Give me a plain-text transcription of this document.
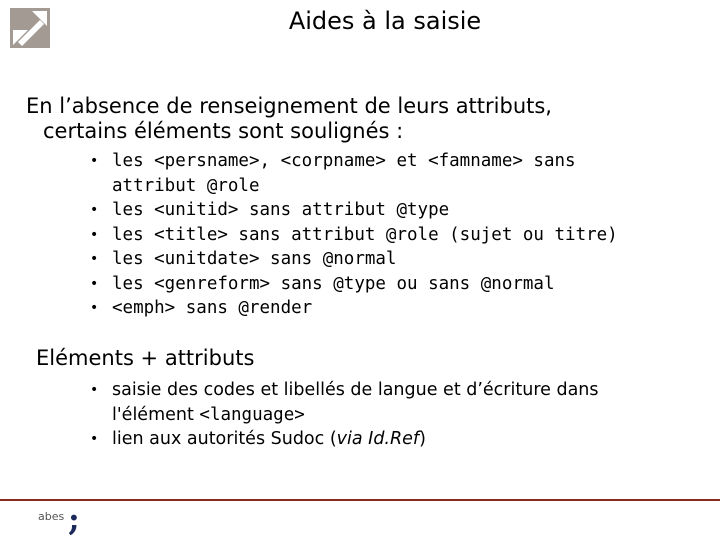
Aides à la saisie
En l’absence de renseignement de leurs attributs,
certains éléments sont soulignés :
• les <persname>, <corpname> et <famname> sans
attribut @role
• les <unitid> sans attribut @type
• les <title> sans attribut @role (sujet ou titre)
• les <unitdate> sans @normal
• les <genreform> sans @type ou sans @normal
• <emph> sans @render
Eléments + attributs
• saisie des codes et libellés de langue et d’écriture dans
l'élément <language>
• lien aux autorités Sudoc (via Id.Ref)
abes ;
